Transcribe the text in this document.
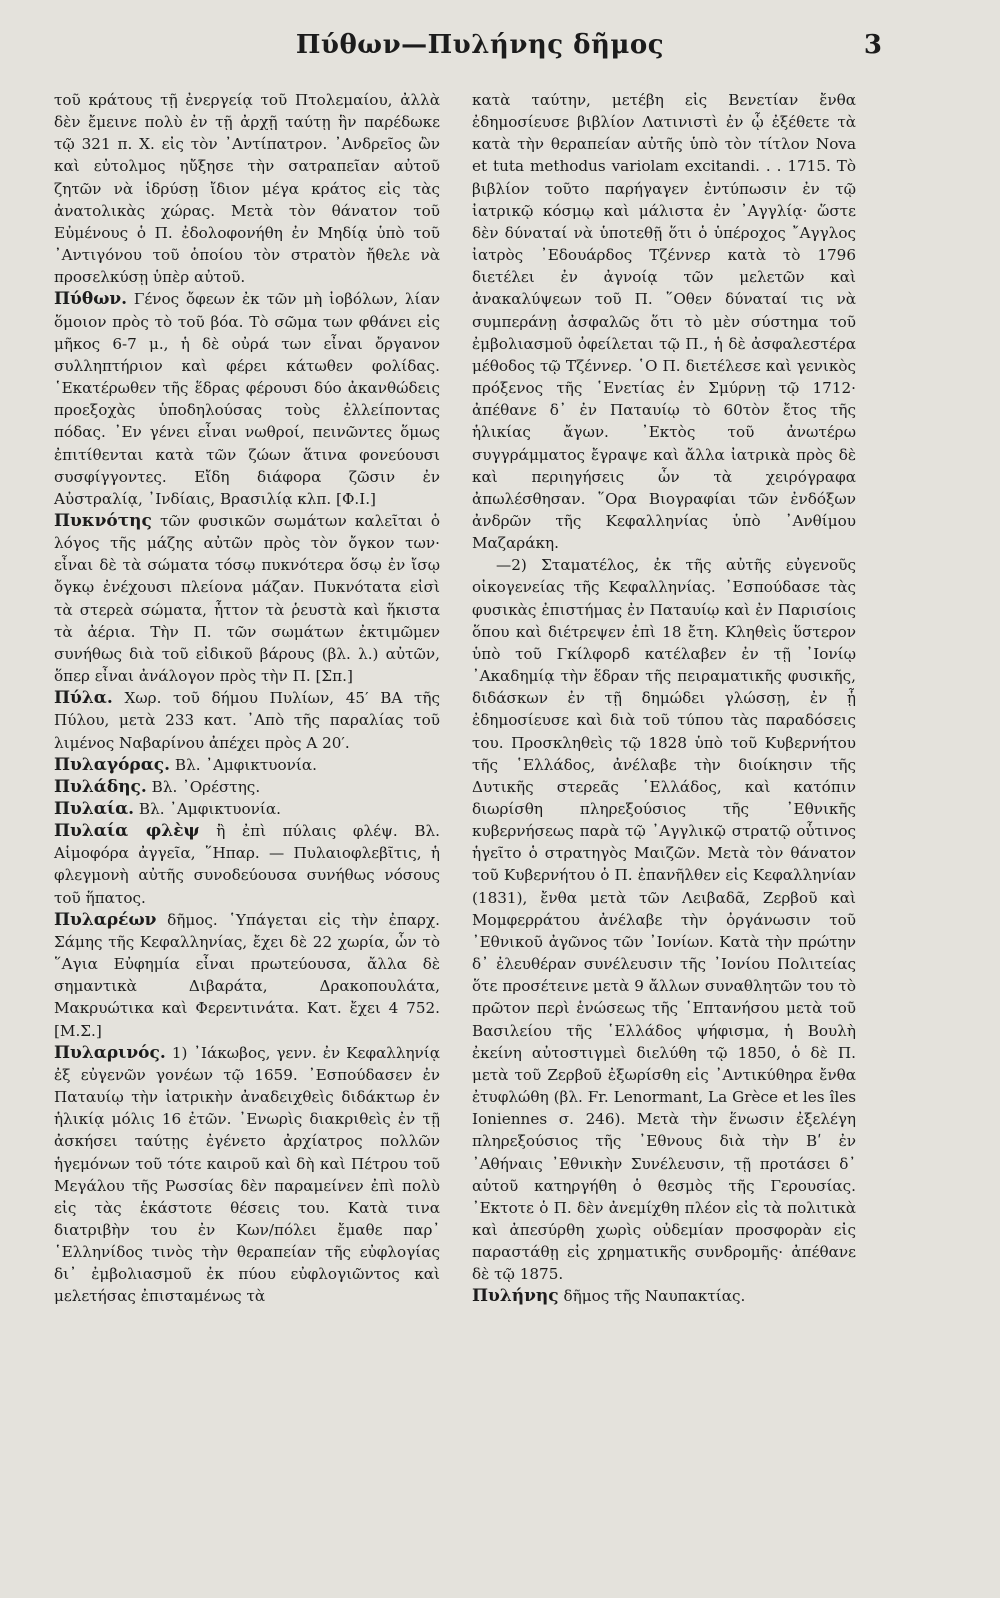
Πύθων—Πυλήνης δῆμος	3

τοῦ κράτους τῇ ἐνεργείᾳ τοῦ Πτολεμαίου, ἀλλὰ δὲν ἔμεινε πολὺ ἐν τῇ ἀρχῇ ταύτῃ ἣν παρέδωκε τῷ 321 π. Χ. εἰς τὸν ᾿Αντίπατρον. ᾿Ανδρεῖος ὢν καὶ εὐτολμος ηὔξησε τὴν σατραπεῖαν αὐτοῦ ζητῶν νὰ ἱδρύσῃ ἴδιον μέγα κράτος εἰς τὰς ἀνατολικὰς χώρας. Μετὰ τὸν θάνατον τοῦ Εὐμένους ὁ Π. ἐδολοφονήθη ἐν Μηδίᾳ ὑπὸ τοῦ ᾿Αντιγόνου τοῦ ὁποίου τὸν στρατὸν ἤθελε νὰ προσελκύσῃ ὑπὲρ αὐτοῦ.

Πύθων. Γένος ὄφεων ἐκ τῶν μὴ ἰοβόλων, λίαν ὅμοιον πρὸς τὸ τοῦ βόα. Τὸ σῶμα των φθάνει εἰς μῆκος 6-7 μ., ἡ δὲ οὐρά των εἶναι ὄργανον συλληπτήριον καὶ φέρει κάτωθεν φολίδας. ῾Εκατέρωθεν τῆς ἕδρας φέρουσι δύο ἀκανθώδεις προεξοχὰς ὑποδηλούσας τοὺς ἐλλείποντας πόδας. ᾿Εν γένει εἶναι νωθροί, πεινῶντες ὅμως ἐπιτίθενται κατὰ τῶν ζώων ἅτινα φονεύουσι συσφίγγοντες. Εἴδη διάφορα ζῶσιν ἐν Αὐστραλίᾳ, ᾿Ινδίαις, Βρασιλίᾳ κλπ. [Φ.Ι.]

Πυκνότης τῶν φυσικῶν σωμάτων καλεῖται ὁ λόγος τῆς μάζης αὐτῶν πρὸς τὸν ὄγκον των· εἶναι δὲ τὰ σώματα τόσῳ πυκνότερα ὅσῳ ἐν ἴσῳ ὄγκῳ ἐνέχουσι πλείονα μάζαν. Πυκνότατα εἰσὶ τὰ στερεὰ σώματα, ἧττον τὰ ῥευστὰ καὶ ἥκιστα τὰ ἀέρια. Τὴν Π. τῶν σωμάτων ἐκτιμῶμεν συνήθως διὰ τοῦ εἰδικοῦ βάρους (βλ. λ.) αὐτῶν, ὅπερ εἶναι ἀνάλογον πρὸς τὴν Π. [Σπ.]

Πύλα. Χωρ. τοῦ δήμου Πυλίων, 45′ ΒΑ τῆς Πύλου, μετὰ 233 κατ. ᾿Απὸ τῆς παραλίας τοῦ λιμένος Ναβαρίνου ἀπέχει πρὸς Α 20′.

Πυλαγόρας. Βλ. ᾿Αμφικτυονία.

Πυλάδης. Βλ. ᾿Ορέστης.

Πυλαία. Βλ. ᾿Αμφικτυονία.

Πυλαία φλὲψ ἢ ἐπὶ πύλαις φλέψ. Βλ. Αἱμοφόρα ἀγγεῖα, ῞Ηπαρ. — Πυλαιοφλεβῖτις, ἡ φλεγμονὴ αὐτῆς συνοδεύουσα συνήθως νόσους τοῦ ἥπατος.

Πυλαρέων δῆμος. ῾Υπάγεται εἰς τὴν ἐπαρχ. Σάμης τῆς Κεφαλληνίας, ἔχει δὲ 22 χωρία, ὧν τὸ ῞Αγια Εὐφημία εἶναι πρωτεύουσα, ἄλλα δὲ σημαντικὰ Διβαράτα, Δρακοπουλάτα, Μακρυώτικα καὶ Φερεντινάτα. Κατ. ἔχει 4 752. [Μ.Σ.]

Πυλαρινός. 1) ᾿Ιάκωβος, γενν. ἐν Κεφαλληνίᾳ ἐξ εὐγενῶν γονέων τῷ 1659. ᾿Εσπούδασεν ἐν Παταυίῳ τὴν ἰατρικὴν ἀναδειχθεὶς διδάκτωρ ἐν ἡλικίᾳ μόλις 16 ἐτῶν. ᾿Ενωρὶς διακριθεὶς ἐν τῇ ἀσκήσει ταύτῃς ἐγένετο ἀρχίατρος πολλῶν ἡγεμόνων τοῦ τότε καιροῦ καὶ δὴ καὶ Πέτρου τοῦ Μεγάλου τῆς Ρωσσίας δὲν παραμείνεν ἐπὶ πολὺ εἰς τὰς ἑκάστοτε θέσεις του. Κατὰ τινα διατριβὴν του ἐν Κων/πόλει ἔμαθε παρ᾿ ῾Ελληνίδος τινὸς τὴν θεραπείαν τῆς εὐφλογίας δι᾿ ἐμβολιασμοῦ ἐκ πύου εὐφλογιῶντος καὶ μελετήσας ἐπισταμένως τὰ

κατὰ ταύτην, μετέβη εἰς Βενετίαν ἔνθα ἐδημοσίευσε βιβλίον Λατινιστὶ ἐν ᾧ ἐξέθετε τὰ κατὰ τὴν θεραπείαν αὐτῆς ὑπὸ τὸν τίτλον Nova et tuta methodus variolam excitandi. . . 1715. Τὸ βιβλίον τοῦτο παρήγαγεν ἐντύπωσιν ἐν τῷ ἰατρικῷ κόσμῳ καὶ μάλιστα ἐν ᾿Αγγλίᾳ· ὥστε δὲν δύναταί νὰ ὑποτεθῇ ὅτι ὁ ὑπέροχος ῎Αγγλος ἰατρὸς ᾿Εδουάρδος Τζέννερ κατὰ τὸ 1796 διετέλει ἐν ἀγνοίᾳ τῶν μελετῶν καὶ ἀνακαλύψεων τοῦ Π. ῞Οθεν δύναταί τις νὰ συμπεράνῃ ἀσφαλῶς ὅτι τὸ μὲν σύστημα τοῦ ἐμβολιασμοῦ ὀφείλεται τῷ Π., ἡ δὲ ἀσφαλεστέρα μέθοδος τῷ Τζέννερ. ῾Ο Π. διετέλεσε καὶ γενικὸς πρόξενος τῆς ῾Ενετίας ἐν Σμύρνῃ τῷ 1712· ἀπέθανε δ᾿ ἐν Παταυίῳ τὸ 60τὸν ἔτος τῆς ἡλικίας ἄγων. ᾿Εκτὸς τοῦ ἀνωτέρω συγγράμματος ἔγραψε καὶ ἄλλα ἰατρικὰ πρὸς δὲ καὶ περιηγήσεις ὧν τὰ χειρόγραφα ἀπωλέσθησαν. ῞Ορα Βιογραφίαι τῶν ἐνδόξων ἀνδρῶν τῆς Κεφαλληνίας ὑπὸ ᾿Ανθίμου Μαζαράκη.

—2) Σταματέλος, ἐκ τῆς αὐτῆς εὐγενοῦς οἰκογενείας τῆς Κεφαλληνίας. ᾿Εσπούδασε τὰς φυσικὰς ἐπιστήμας ἐν Παταυίῳ καὶ ἐν Παρισίοις ὅπου καὶ διέτρεψεν ἐπὶ 18 ἔτη. Κληθεὶς ὕστερον ὑπὸ τοῦ Γκίλφορδ κατέλαβεν ἐν τῇ ᾿Ιονίῳ ᾿Ακαδημίᾳ τὴν ἕδραν τῆς πειραματικῆς φυσικῆς, διδάσκων ἐν τῇ δημώδει γλώσσῃ, ἐν ᾗ ἐδημοσίευσε καὶ διὰ τοῦ τύπου τὰς παραδόσεις του. Προσκληθεὶς τῷ 1828 ὑπὸ τοῦ Κυβερνήτου τῆς ῾Ελλάδος, ἀνέλαβε τὴν διοίκησιν τῆς Δυτικῆς στερεᾶς ῾Ελλάδος, καὶ κατόπιν διωρίσθη πληρεξούσιος τῆς ᾿Εθνικῆς κυβερνήσεως παρὰ τῷ ᾿Αγγλικῷ στρατῷ οὗτινος ἡγεῖτο ὁ στρατηγὸς Μαιζῶν. Μετὰ τὸν θάνατον τοῦ Κυβερνήτου ὁ Π. ἐπανῆλθεν εἰς Κεφαλληνίαν (1831), ἔνθα μετὰ τῶν Λειβαδᾶ, Ζερβοῦ καὶ Μομφερράτου ἀνέλαβε τὴν ὀργάνωσιν τοῦ ᾿Εθνικοῦ ἀγῶνος τῶν ᾿Ιονίων. Κατὰ τὴν πρώτην δ᾿ ἐλευθέραν συνέλευσιν τῆς ᾿Ιονίου Πολιτείας ὅτε προσέτεινε μετὰ 9 ἄλλων συναθλητῶν του τὸ πρῶτον περὶ ἑνώσεως τῆς ῾Επτανήσου μετὰ τοῦ Βασιλείου τῆς ῾Ελλάδος ψήφισμα, ἡ Βουλὴ ἐκείνη αὐτοστιγμεὶ διελύθη τῷ 1850, ὁ δὲ Π. μετὰ τοῦ Ζερβοῦ ἐξωρίσθη εἰς ᾿Αντικύθηρα ἔνθα ἐτυφλώθη (βλ. Fr. Lenormant, La Grèce et les îles Ioniennes σ. 246). Μετὰ τὴν ἕνωσιν ἐξελέγη πληρεξούσιος τῆς ᾿Εθνους διὰ τὴν Βʹ ἐν ᾿Αθήναις ᾿Εθνικὴν Συνέλευσιν, τῇ προτάσει δ᾿ αὐτοῦ κατηργήθη ὁ θεσμὸς τῆς Γερουσίας. ᾿Εκτοτε ὁ Π. δὲν ἀνεμίχθη πλέον εἰς τὰ πολιτικὰ καὶ ἀπεσύρθη χωρὶς οὐδεμίαν προσφορὰν εἰς παραστάθῃ εἰς χρηματικῆς συνδρομῆς· ἀπέθανε δὲ τῷ 1875.

Πυλήνης δῆμος τῆς Ναυπακτίας.
